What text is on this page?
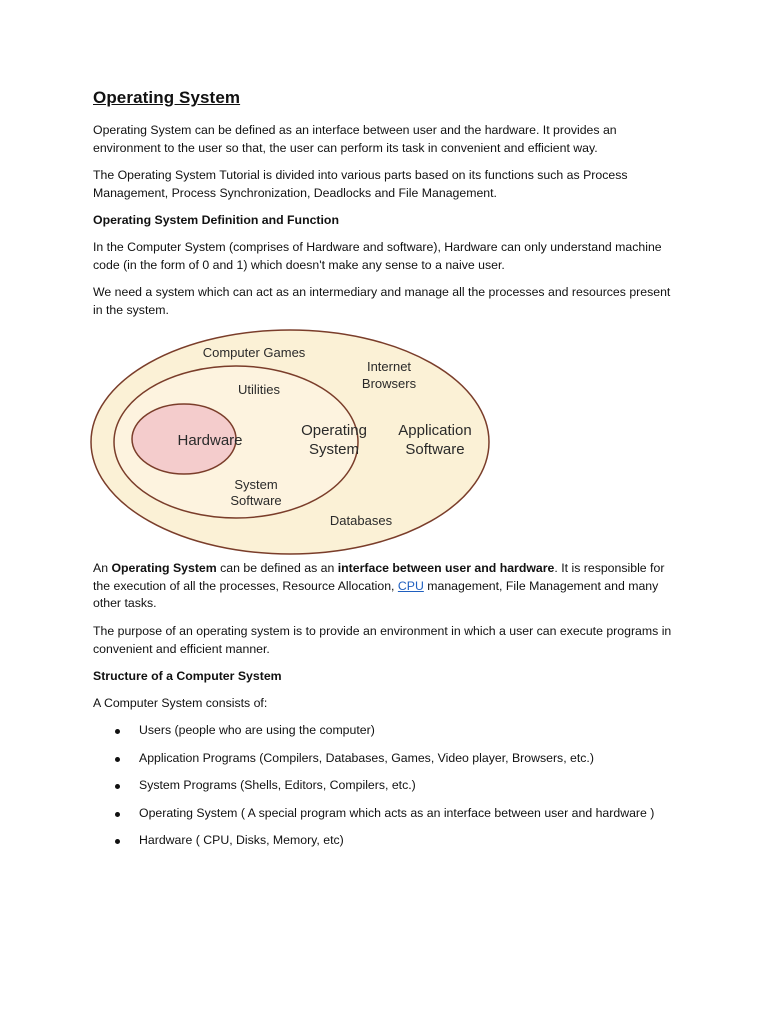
Operating System

Operating System can be defined as an interface between user and the hardware. It provides an environment to the user so that, the user can perform its task in convenient and efficient way.

The Operating System Tutorial is divided into various parts based on its functions such as Process Management, Process Synchronization, Deadlocks and File Management.

Operating System Definition and Function

In the Computer System (comprises of Hardware and software), Hardware can only understand machine code (in the form of 0 and 1) which doesn't make any sense to a naive user.

We need a system which can act as an intermediary and manage all the processes and resources present in the system.

Computer Games
Internet
Browsers
Utilities
Hardware
Operating
System
Application
Software
System
Software
Databases

An Operating System can be defined as an interface between user and hardware. It is responsible for the execution of all the processes, Resource Allocation, CPU management, File Management and many other tasks.

The purpose of an operating system is to provide an environment in which a user can execute programs in convenient and efficient manner.

Structure of a Computer System

A Computer System consists of:

Users (people who are using the computer)
Application Programs (Compilers, Databases, Games, Video player, Browsers, etc.)
System Programs (Shells, Editors, Compilers, etc.)
Operating System ( A special program which acts as an interface between user and hardware )
Hardware ( CPU, Disks, Memory, etc)
